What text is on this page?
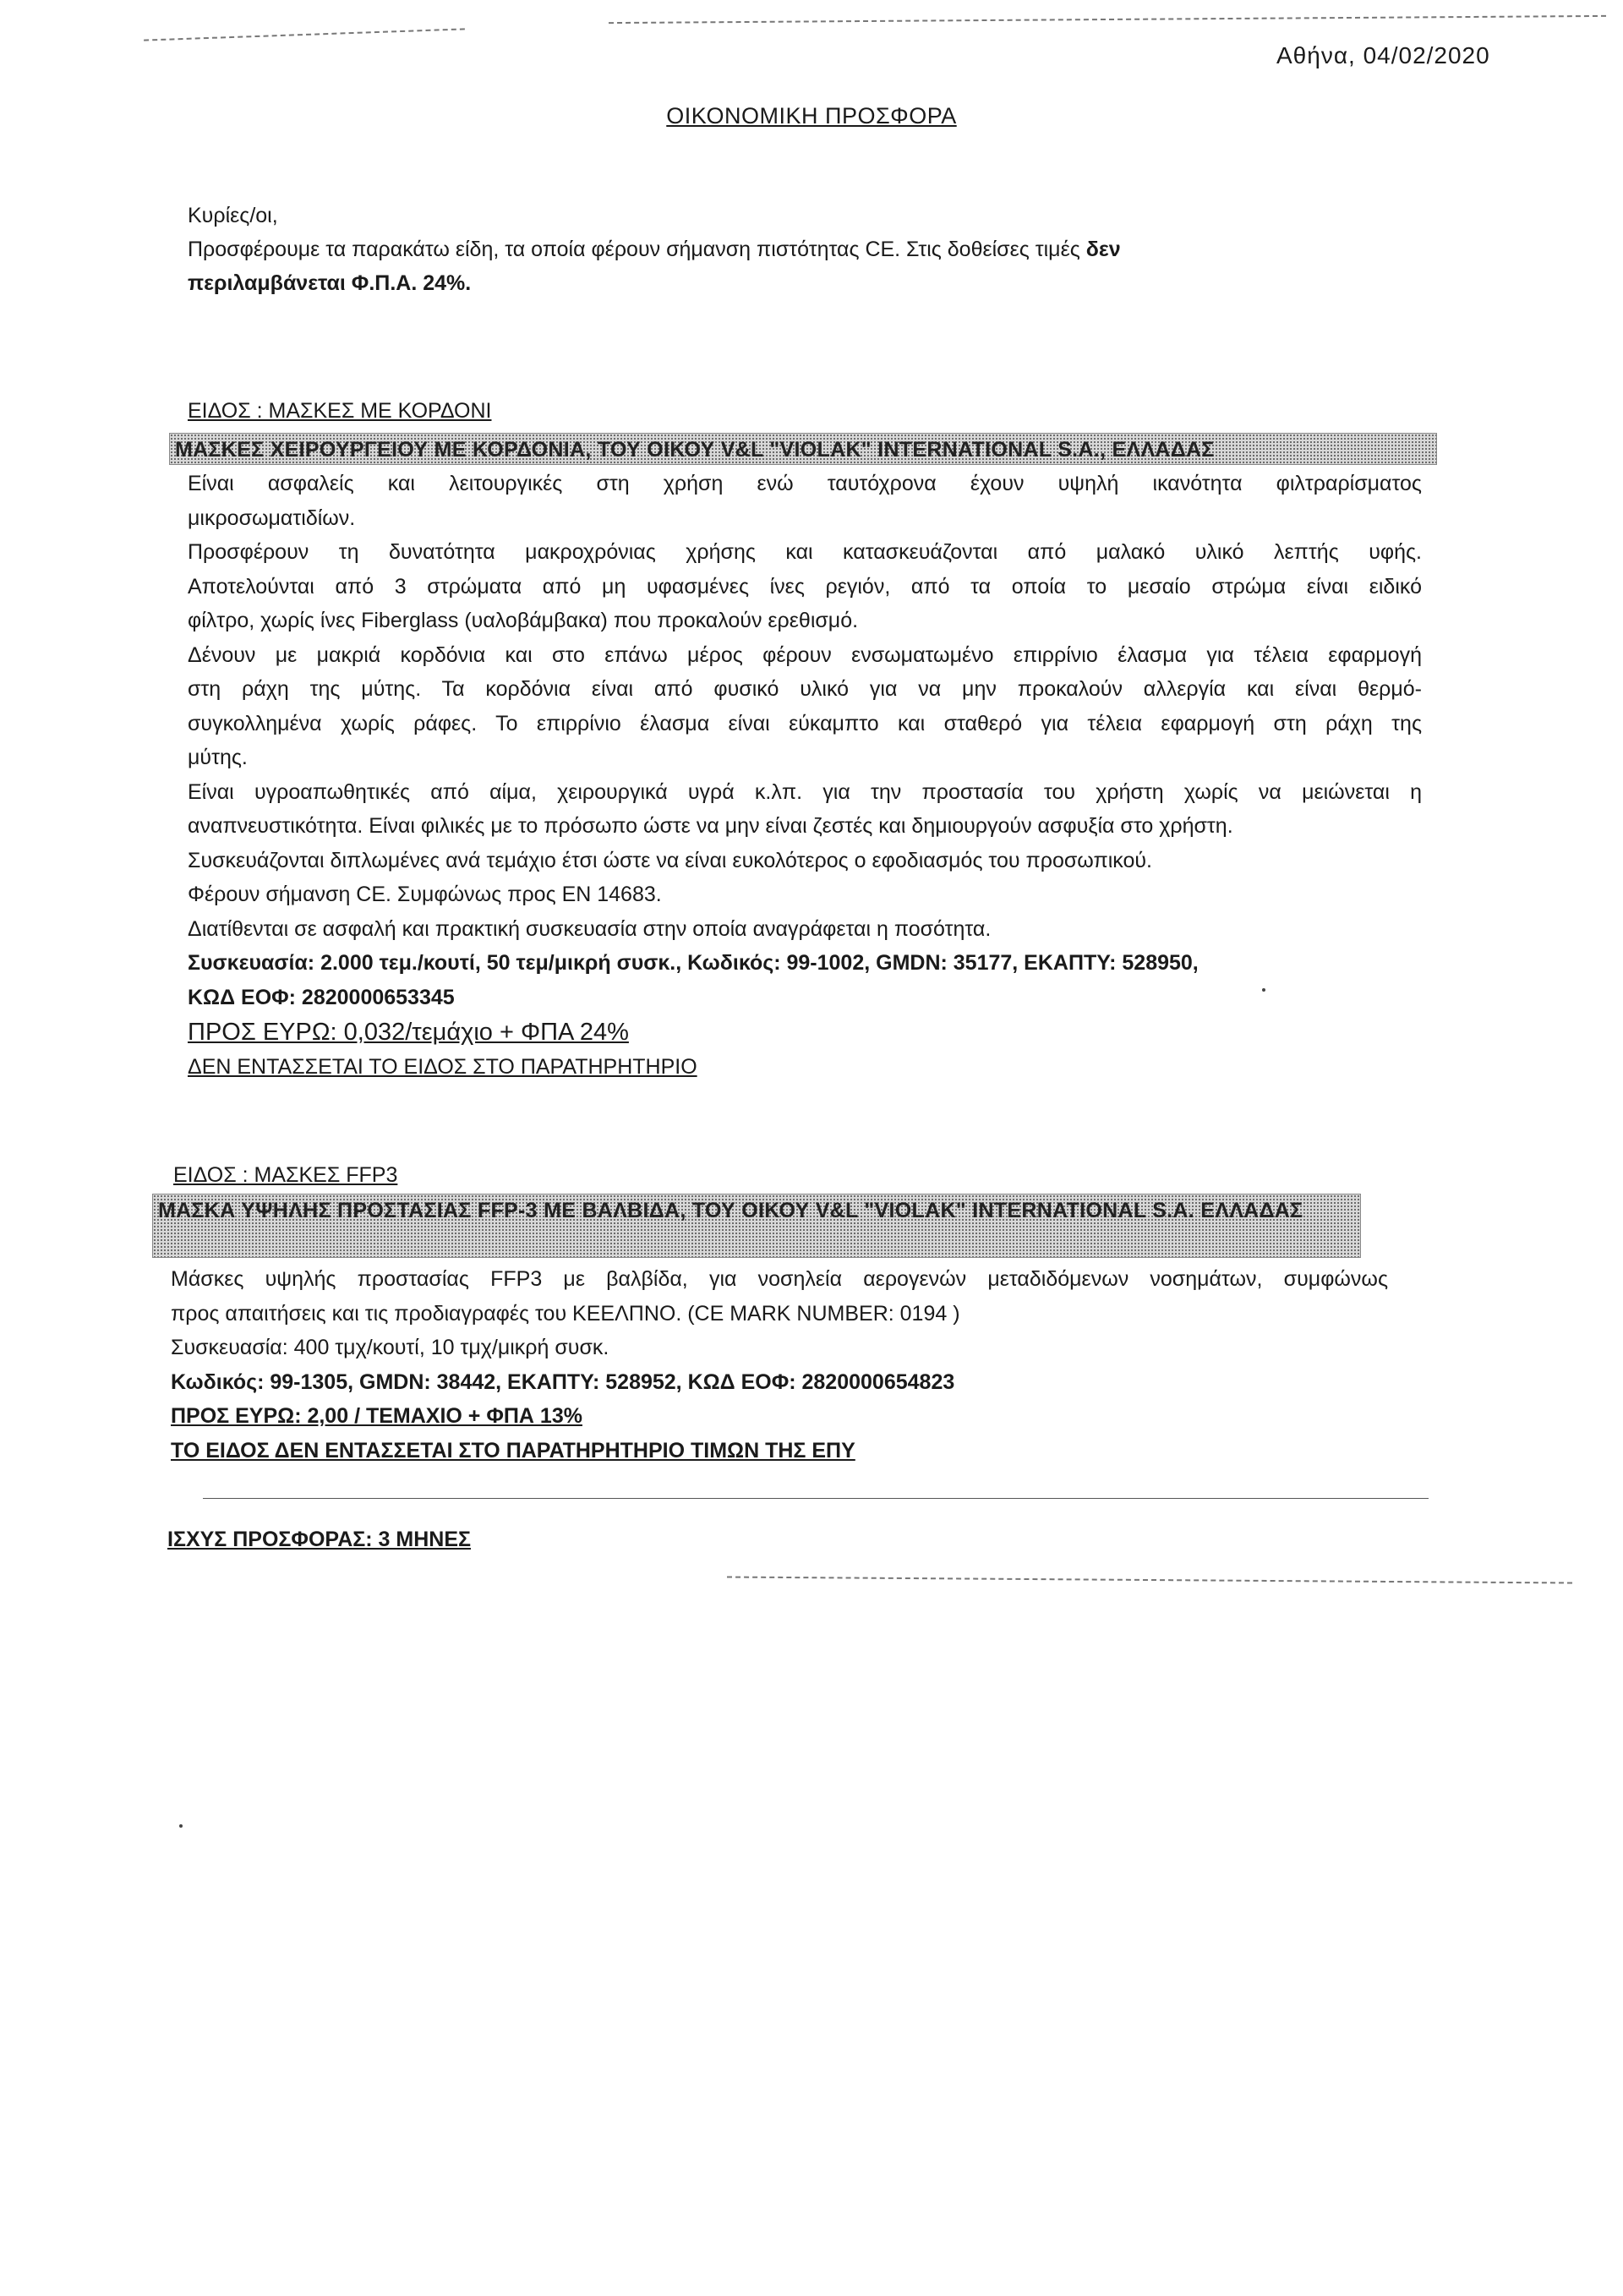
Αθήνα, 04/02/2020
ΟΙΚΟΝΟΜΙΚΗ ΠΡΟΣΦΟΡΑ

Κυρίες/οι,

Προσφέρουμε τα παρακάτω είδη, τα οποία φέρουν σήμανση πιστότητας CE. Στις δοθείσες τιμές δεν

περιλαμβάνεται Φ.Π.Α. 24%.

ΕΙΔΟΣ : ΜΑΣΚΕΣ ΜΕ ΚΟΡΔΟΝΙ
ΜΑΣΚΕΣ ΧΕΙΡΟΥΡΓΕΙΟΥ ΜΕ ΚΟΡΔΟΝΙΑ, ΤΟΥ ΟΙΚΟΥ V&L "VIOLAK" INTERNATIONAL S.A., ΕΛΛΑΔΑΣ
Είναι ασφαλείς και λειτουργικές στη χρήση ενώ ταυτόχρονα έχουν υψηλή ικανότητα φιλτραρίσματος
μικροσωματιδίων.
Προσφέρουν τη δυνατότητα μακροχρόνιας χρήσης και κατασκευάζονται από μαλακό υλικό λεπτής υφής.
Αποτελούνται από 3 στρώματα από μη υφασμένες ίνες ρεγιόν, από τα οποία το μεσαίο στρώμα είναι ειδικό
φίλτρο, χωρίς ίνες Fiberglass (υαλοβάμβακα) που προκαλούν ερεθισμό.
Δένουν με μακριά κορδόνια και στο επάνω μέρος φέρουν ενσωματωμένο επιρρίνιο έλασμα για τέλεια εφαρμογή
στη ράχη της μύτης. Τα κορδόνια είναι από φυσικό υλικό για να μην προκαλούν αλλεργία και είναι θερμό-
συγκολλημένα χωρίς ράφες. Το επιρρίνιο έλασμα είναι εύκαμπτο και σταθερό για τέλεια εφαρμογή στη ράχη της
μύτης.
Είναι υγροαπωθητικές από αίμα, χειρουργικά υγρά κ.λπ. για την προστασία του χρήστη χωρίς να μειώνεται η
αναπνευστικότητα. Είναι φιλικές με το πρόσωπο ώστε να μην είναι ζεστές και δημιουργούν ασφυξία στο χρήστη.
Συσκευάζονται διπλωμένες ανά τεμάχιο έτσι ώστε να είναι ευκολότερος ο εφοδιασμός του προσωπικού.
Φέρουν σήμανση CE. Συμφώνως προς EN 14683.
Διατίθενται σε ασφαλή και πρακτική συσκευασία στην οποία αναγράφεται η ποσότητα.
Συσκευασία: 2.000 τεμ./κουτί, 50 τεμ/μικρή συσκ., Κωδικός: 99-1002, GMDN: 35177, ΕΚΑΠΤΥ: 528950,
ΚΩΔ ΕΟΦ: 2820000653345
ΠΡΟΣ ΕΥΡΩ: 0,032/τεμάχιο + ΦΠΑ 24%
ΔΕΝ ΕΝΤΑΣΣΕΤΑΙ ΤΟ ΕΙΔΟΣ ΣΤΟ ΠΑΡΑΤΗΡΗΤΗΡΙΟ
ΕΙΔΟΣ : ΜΑΣΚΕΣ FFP3
ΜΑΣΚΑ ΥΨΗΛΗΣ ΠΡΟΣΤΑΣΙΑΣ FFP-3 ΜΕ ΒΑΛΒΙΔΑ, ΤΟΥ ΟΙΚΟΥ V&L "VIOLAK" INTERNATIONAL S.A. ΕΛΛΑΔΑΣ
Μάσκες υψηλής προστασίας FFP3 με βαλβίδα, για νοσηλεία αερογενών μεταδιδόμενων νοσημάτων, συμφώνως
προς απαιτήσεις και τις προδιαγραφές του ΚΕΕΛΠΝΟ. (CE MARK NUMBER: 0194 )
Συσκευασία: 400 τμχ/κουτί, 10 τμχ/μικρή συσκ.
Κωδικός: 99-1305, GMDN: 38442, ΕΚΑΠΤΥ: 528952, ΚΩΔ ΕΟΦ: 2820000654823
ΠΡΟΣ ΕΥΡΩ: 2,00 / ΤΕΜΑΧΙΟ + ΦΠΑ 13%
ΤΟ ΕΙΔΟΣ ΔΕΝ ΕΝΤΑΣΣΕΤΑΙ ΣΤΟ ΠΑΡΑΤΗΡΗΤΗΡΙΟ ΤΙΜΩΝ ΤΗΣ ΕΠΥ
ΙΣΧΥΣ ΠΡΟΣΦΟΡΑΣ: 3 ΜΗΝΕΣ
